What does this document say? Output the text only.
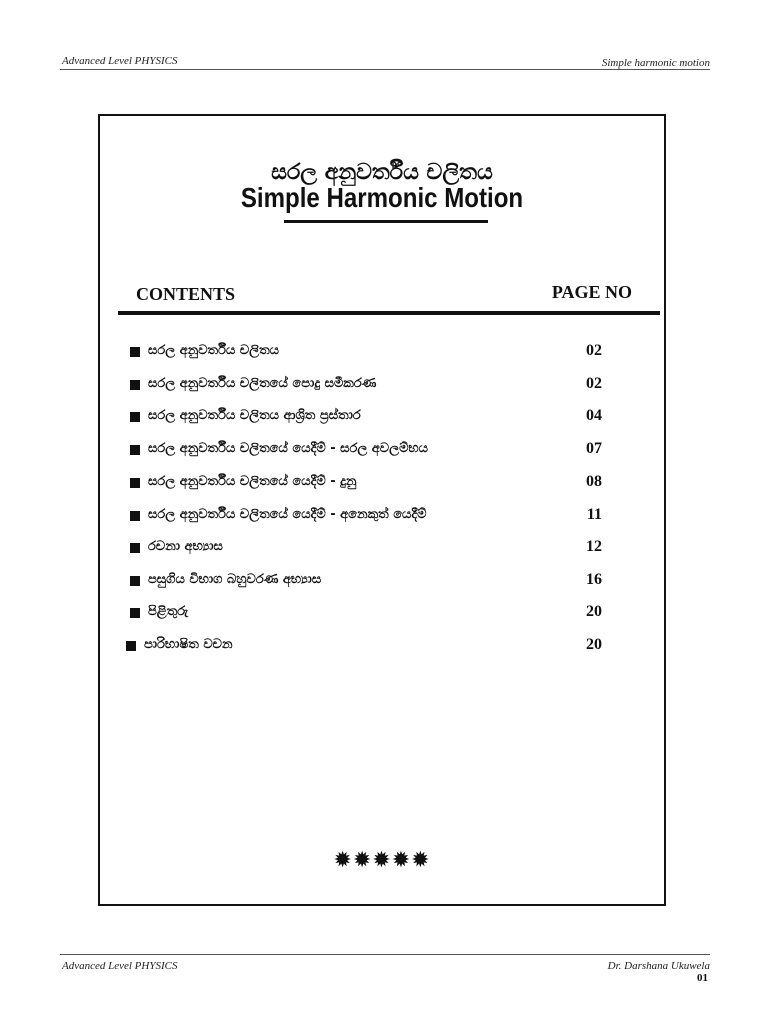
Advanced Level PHYSICS	Simple harmonic motion
සරල අනුවර්තීය චලිතය
Simple Harmonic Motion
CONTENTS	PAGE NO
සරල අනුවර්තීය චලිතය	02
සරල අනුවර්තීය චලිතයේ පොදු සමීකරණ	02
සරල අනුවර්තීය චලිතය ආශ්‍රිත ප්‍රස්තාර	04
සරල අනුවර්තීය චලිතයේ යෙදීම් - සරල අවලම්භය	07
සරල අනුවර්තීය චලිතයේ යෙදීම් - දුනු	08
සරල අනුවර්තීය චලිතයේ යෙදීම් - අනෙකුත් යෙදීම්	11
රචනා අභ්‍යාස	12
පසුගිය විභාග බහුවරණ අභ්‍යාස	16
පිළිතුරු	20
පාරිභාෂිත වචන	20
✹✹✹✹✹
Advanced Level PHYSICS	Dr. Darshana Ukuwela
01
